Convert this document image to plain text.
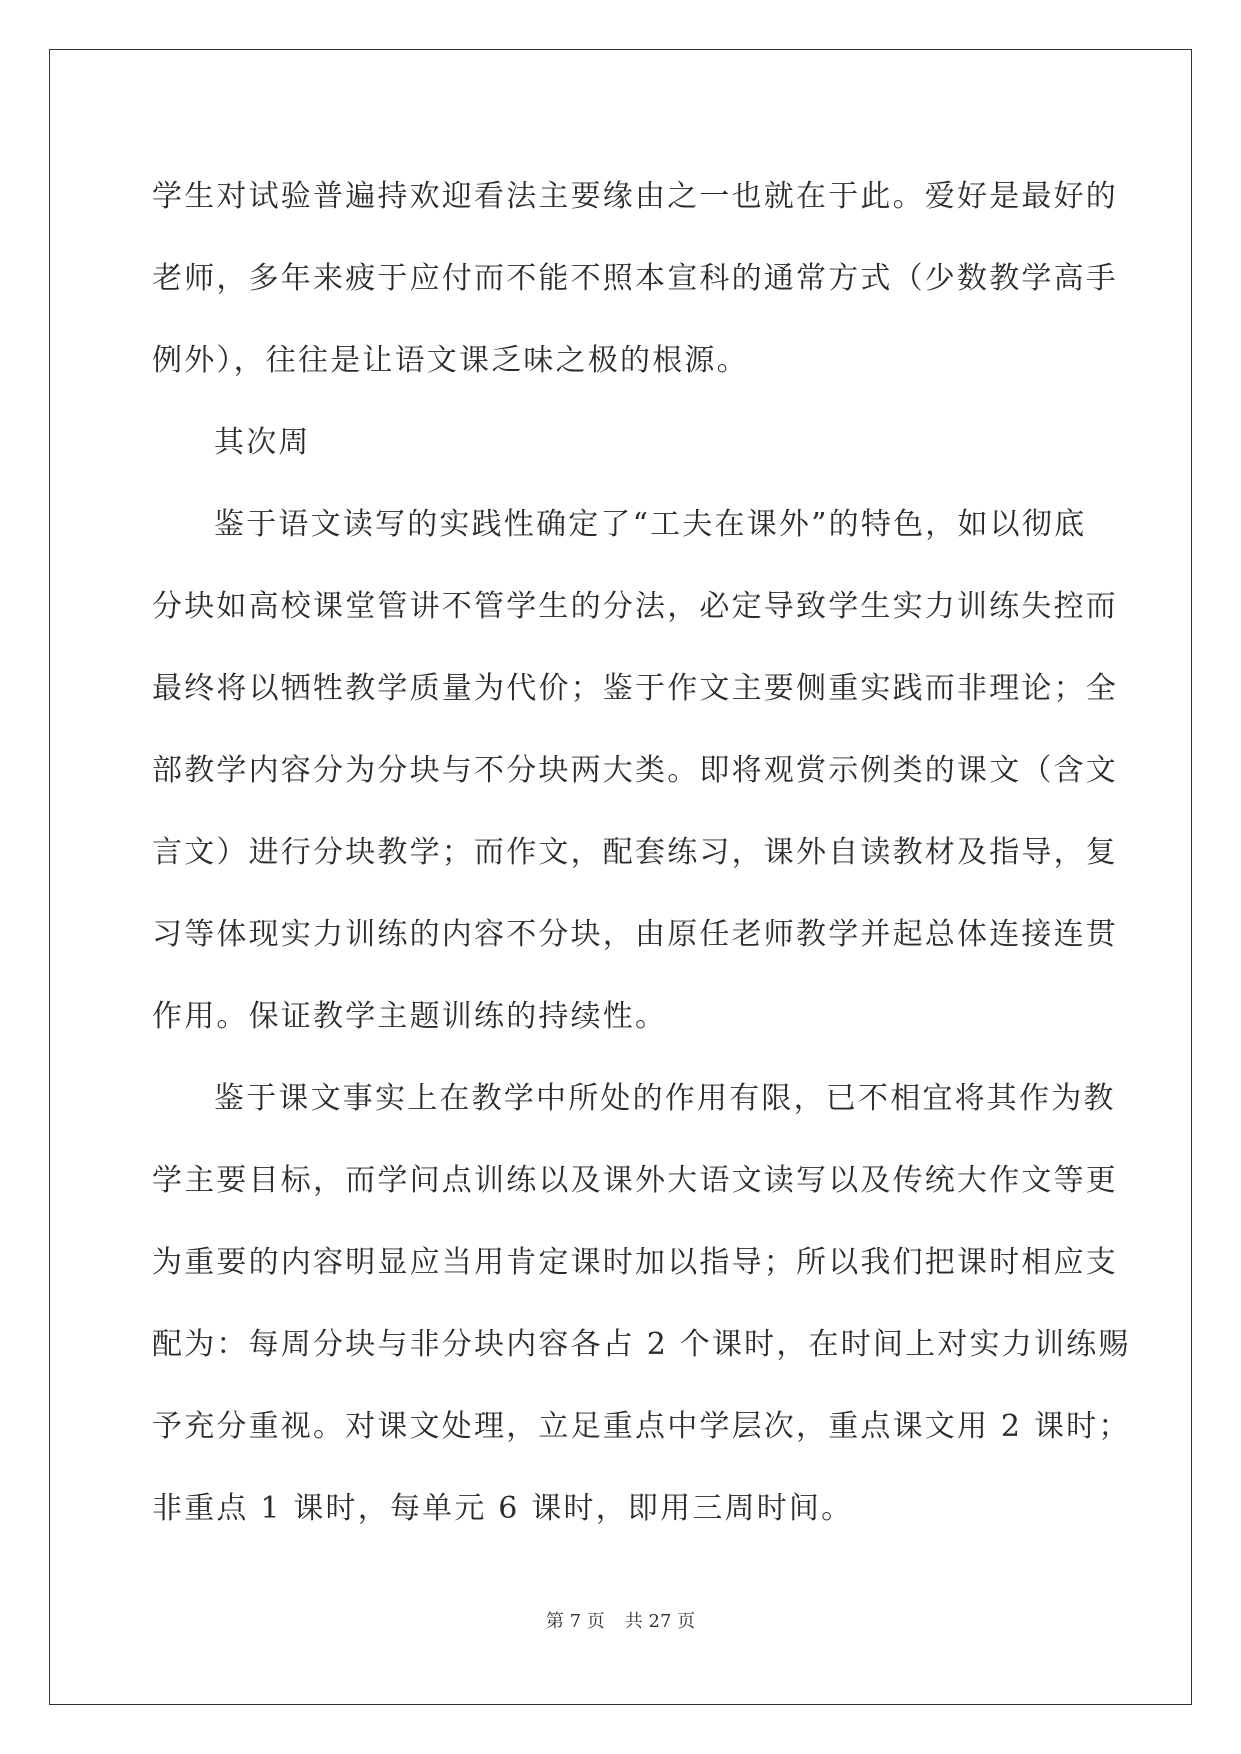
学生对试验普遍持欢迎看法主要缘由之一也就在于此。爱好是最好的
老师，多年来疲于应付而不能不照本宣科的通常方式（少数教学高手
例外），往往是让语文课乏味之极的根源。
其次周
鉴于语文读写的实践性确定了“工夫在课外”的特色，如以彻底
分块如高校课堂管讲不管学生的分法，必定导致学生实力训练失控而
最终将以牺牲教学质量为代价；鉴于作文主要侧重实践而非理论；全
部教学内容分为分块与不分块两大类。即将观赏示例类的课文（含文
言文）进行分块教学；而作文，配套练习，课外自读教材及指导，复
习等体现实力训练的内容不分块，由原任老师教学并起总体连接连贯
作用。保证教学主题训练的持续性。
鉴于课文事实上在教学中所处的作用有限，已不相宜将其作为教
学主要目标，而学问点训练以及课外大语文读写以及传统大作文等更
为重要的内容明显应当用肯定课时加以指导；所以我们把课时相应支
配为：每周分块与非分块内容各占 2 个课时，在时间上对实力训练赐
予充分重视。对课文处理，立足重点中学层次，重点课文用 2 课时；
非重点 1 课时，每单元 6 课时，即用三周时间。
第 7 页 共 27 页
